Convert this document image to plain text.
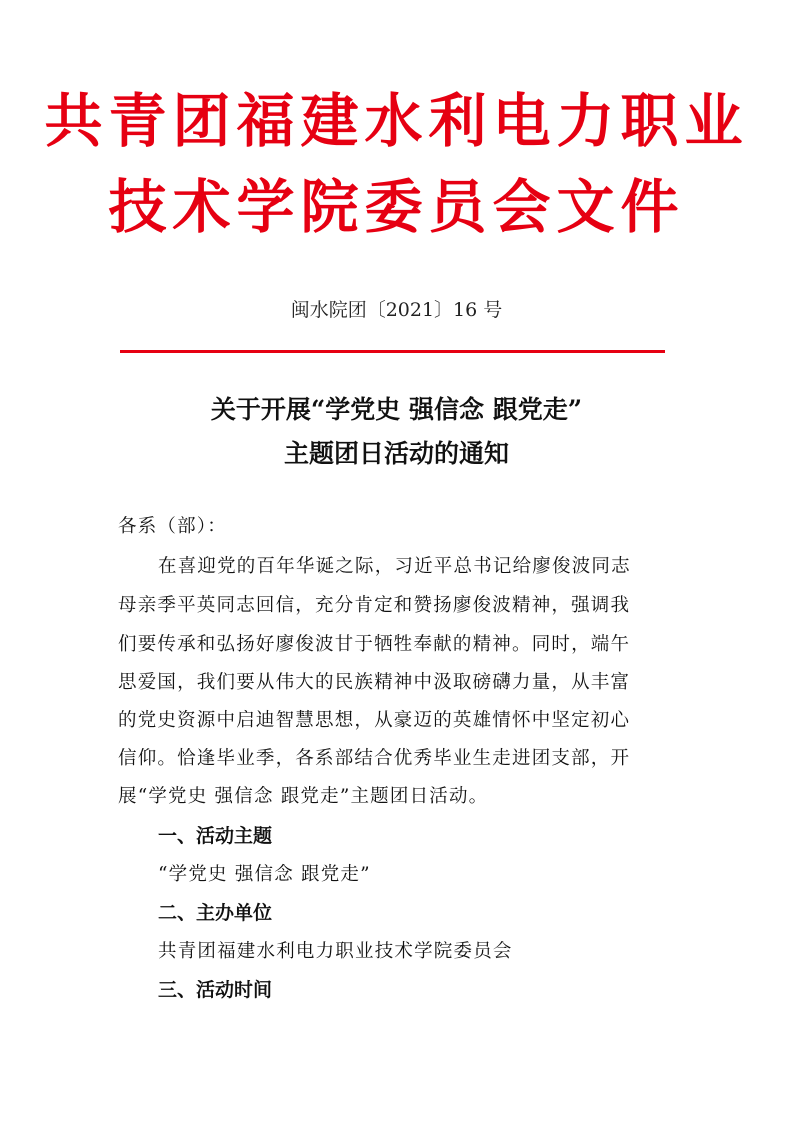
共青团福建水利电力职业
技术学院委员会文件
闽水院团〔2021〕16 号
关于开展“学党史 强信念 跟党走”
主题团日活动的通知
各系（部）：
在喜迎党的百年华诞之际，习近平总书记给廖俊波同志
母亲季平英同志回信，充分肯定和赞扬廖俊波精神，强调我
们要传承和弘扬好廖俊波甘于牺牲奉献的精神。同时，端午
思爱国，我们要从伟大的民族精神中汲取磅礴力量，从丰富
的党史资源中启迪智慧思想，从豪迈的英雄情怀中坚定初心
信仰。恰逢毕业季，各系部结合优秀毕业生走进团支部，开
展“学党史 强信念 跟党走”主题团日活动。
一、活动主题
“学党史 强信念 跟党走”
二、主办单位
共青团福建水利电力职业技术学院委员会
三、活动时间
